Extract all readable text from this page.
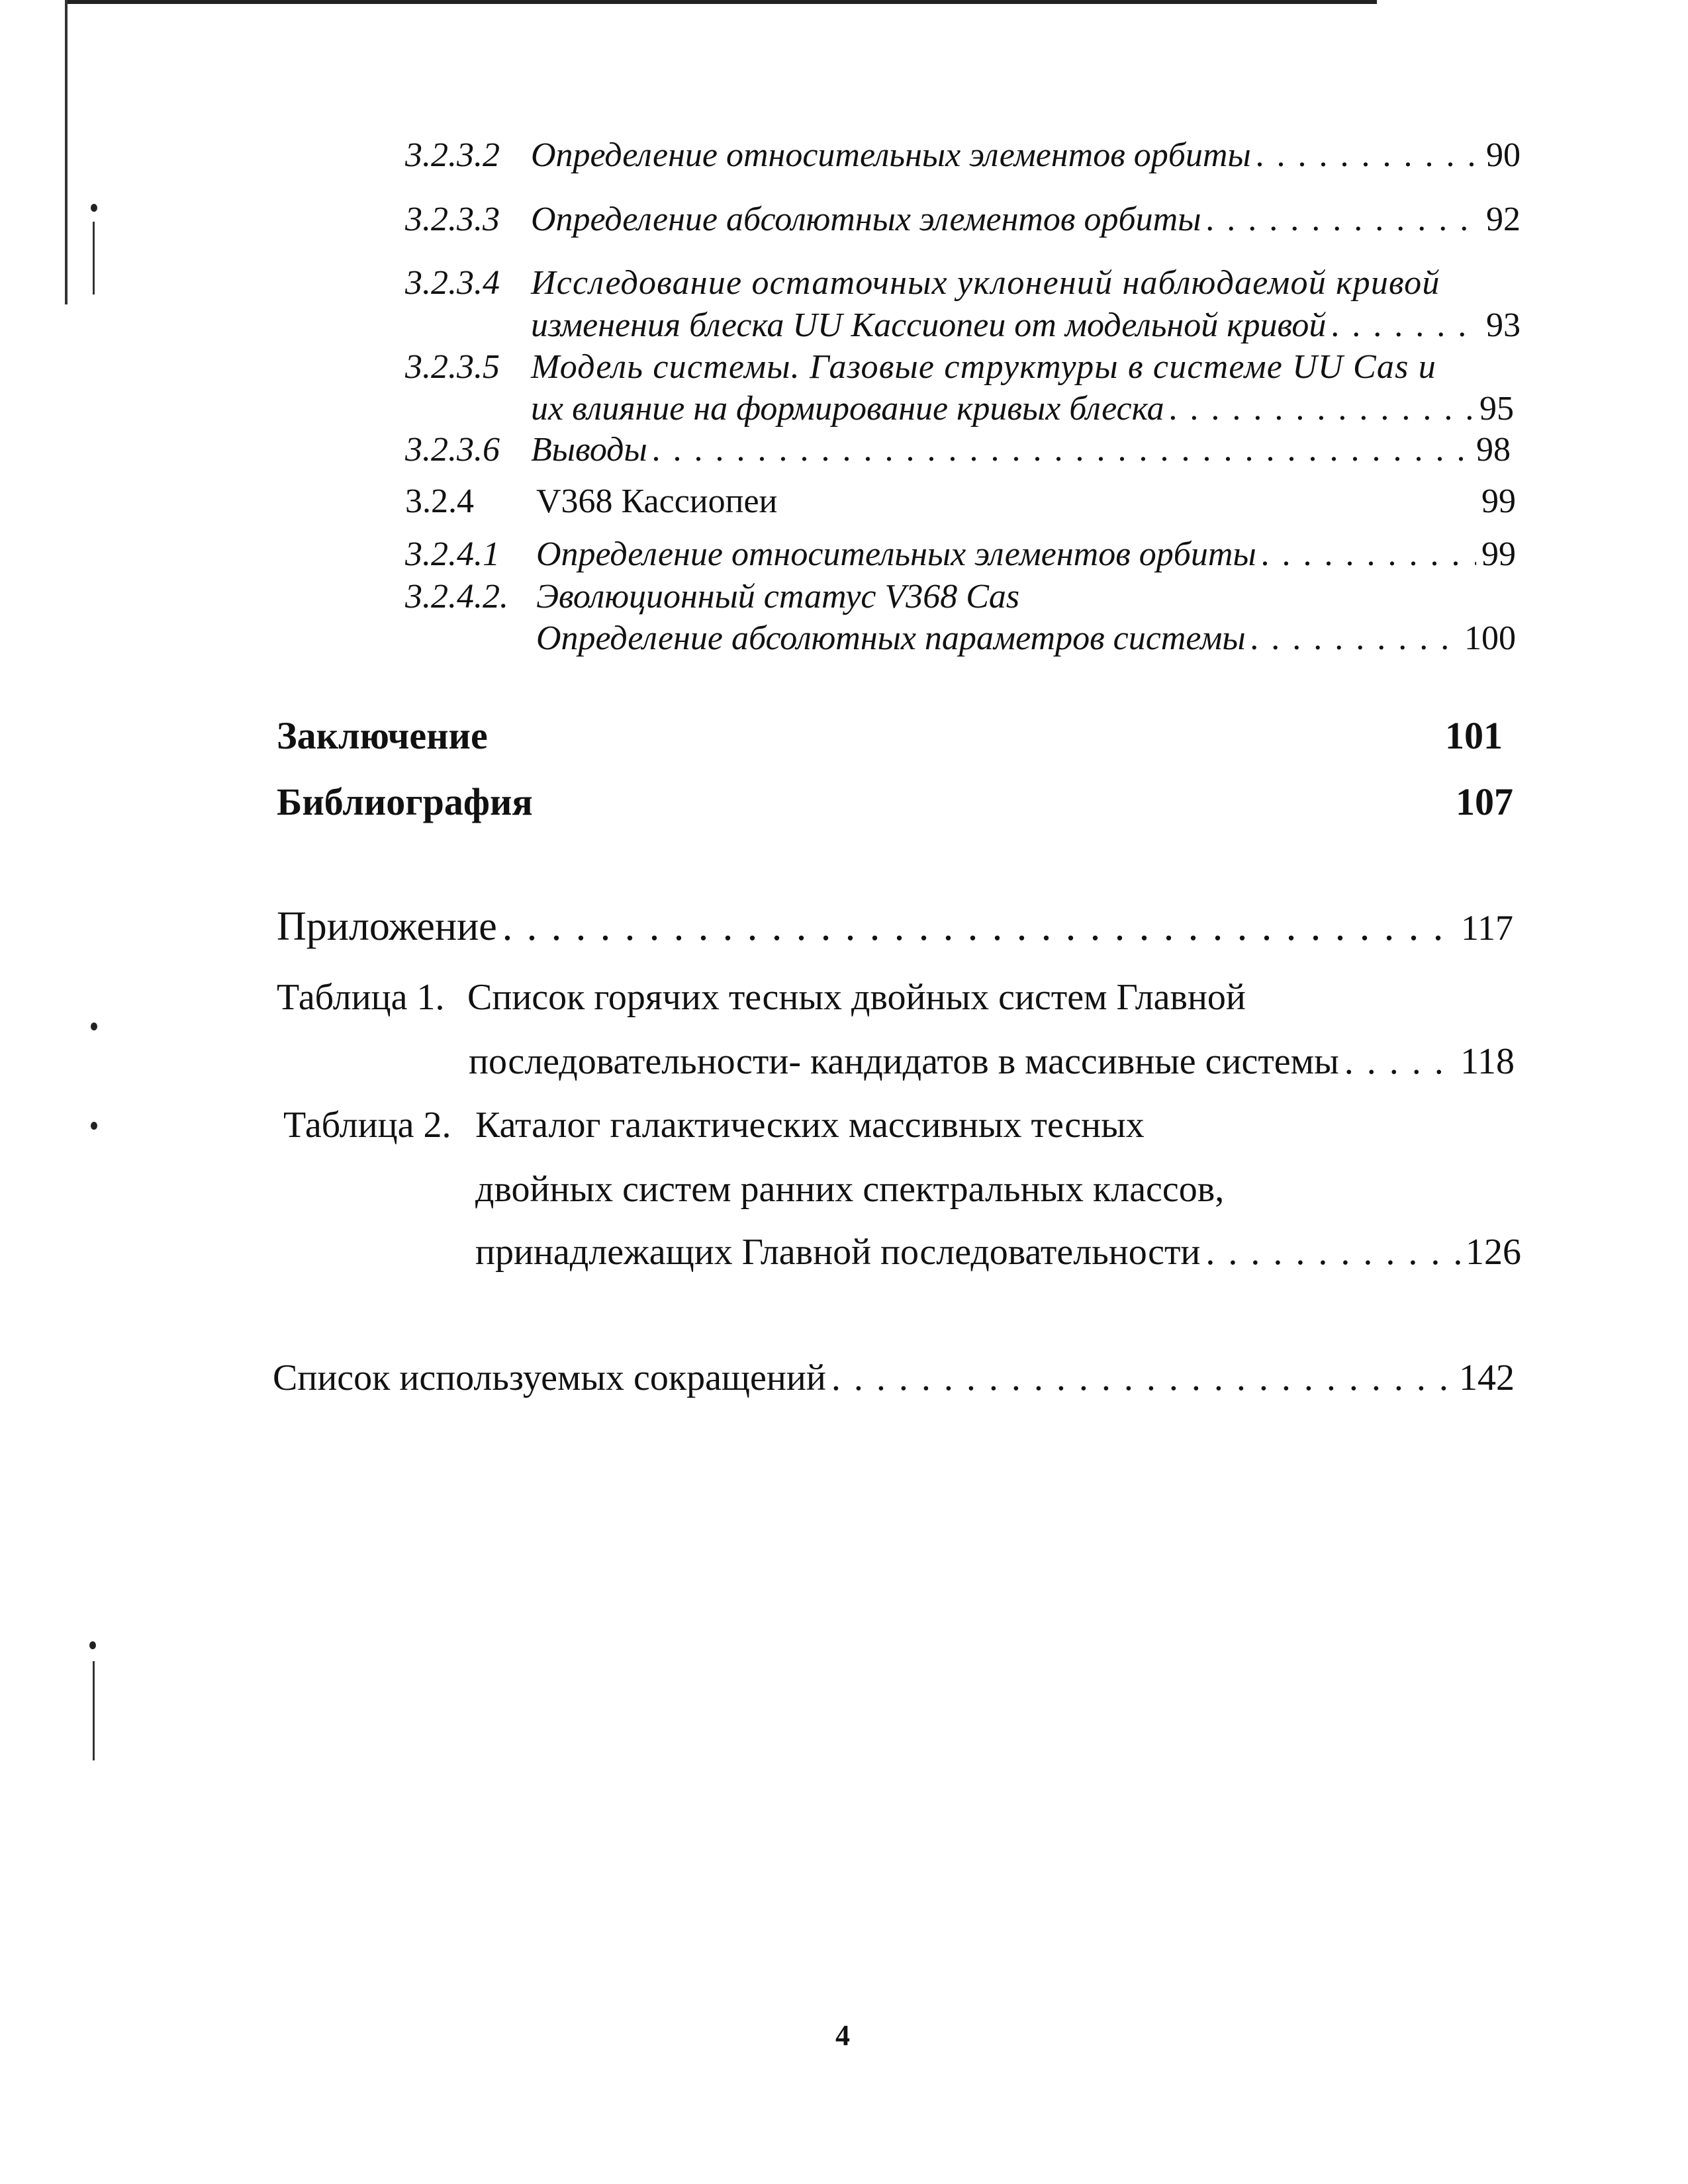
3.2.3.2 Определение относительных элементов орбиты . . .	90
3.2.3.3 Определение абсолютных элементов орбиты . . .	92
3.2.3.4 Исследование остаточных уклонений наблюдаемой кривой
изменения блеска UU Кассиопеи от модельной кривой . . .	93
3.2.3.5 Модель системы. Газовые структуры в системе UU Cas и
их влияние на формирование кривых блеска . . .	95
3.2.3.6 Выводы . . .	98
3.2.4	V368 Кассиопеи	99
3.2.4.1	Определение относительных элементов орбиты . . .	99
3.2.4.2. Эволюционный статус V368 Cas
Определение абсолютных параметров системы . . .	100
Заключение	101
Библиография	107
Приложение . . .	117
Таблица 1. Список горячих тесных двойных систем Главной
последовательности- кандидатов в массивные системы . . .	118
Таблица 2. Каталог галактических массивных тесных
двойных систем ранних спектральных классов,
принадлежащих Главной последовательности . . .	126
Список используемых сокращений . . .	142
4
